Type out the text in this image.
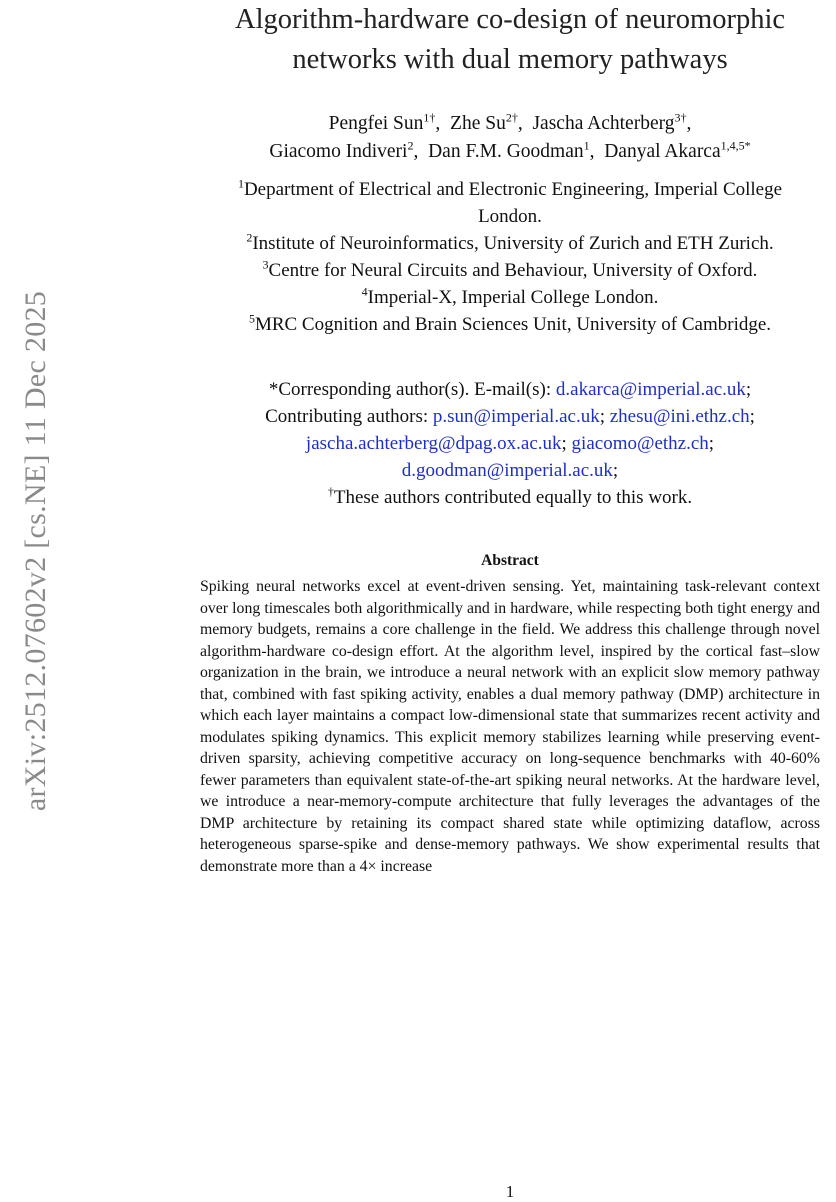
arXiv:2512.07602v2 [cs.NE] 11 Dec 2025
Algorithm-hardware co-design of neuromorphic
networks with dual memory pathways
Pengfei Sun$^{1\dagger}$,  Zhe $Su^{2\dagger}$,  Jascha Achterberg$^{3\dagger}$,
Giacomo Indiveri$^2$,  Dan F.M. Goodman$^1$,  Danyal Akarca$^{1,4,5*}$
$^1$Department of Electrical and Electronic Engineering, Imperial College
London.
$^2$Institute of Neuroinformatics, University of Zurich and ETH Zurich.
$^3$Centre for Neural Circuits and Behaviour, University of Oxford.
$^4$Imperial-X, Imperial College London.
$^5$MRC Cognition and Brain Sciences Unit, University of Cambridge.
*Corresponding author(s). E-mail(s): d.akarca@imperial.ac.uk;
Contributing authors: p.sun@imperial.ac.uk; zhesu@ini.ethz.ch;
jascha.achterberg@dpag.ox.ac.uk; giacomo@ethz.ch;
d.goodman@imperial.ac.uk;
†These authors contributed equally to this work.
Abstract
Spiking neural networks excel at event-driven sensing. Yet, maintaining task-relevant context over long timescales both algorithmically and in hardware, while respecting both tight energy and memory budgets, remains a core challenge in the field. We address this challenge through novel algorithm-hardware co-design effort. At the algorithm level, inspired by the cortical fast–slow organization in the brain, we introduce a neural network with an explicit slow memory pathway that, combined with fast spiking activity, enables a dual memory pathway (DMP) architecture in which each layer maintains a compact low-dimensional state that summarizes recent activity and modulates spiking dynamics. This explicit memory stabilizes learning while preserving event-driven sparsity, achieving competitive accuracy on long-sequence benchmarks with 40-60% fewer parameters than equivalent state-of-the-art spiking neural networks. At the hardware level, we introduce a near-memory-compute architecture that fully leverages the advantages of the DMP architecture by retaining its compact shared state while optimizing dataflow, across heterogeneous sparse-spike and dense-memory pathways. We show experimental results that demonstrate more than a 4× increase
1
